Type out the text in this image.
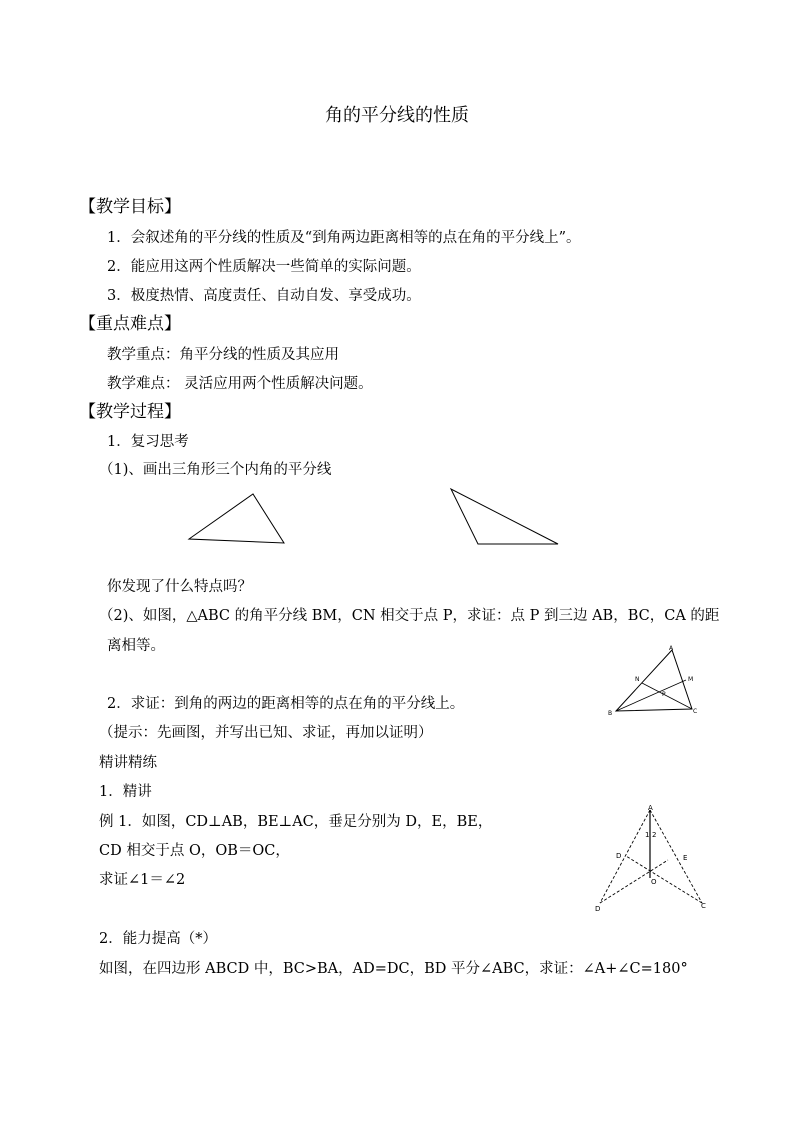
角的平分线的性质
【教学目标】
1．会叙述角的平分线的性质及“到角两边距离相等的点在角的平分线上”。
2．能应用这两个性质解决一些简单的实际问题。
3．极度热情、高度责任、自动自发、享受成功。
【重点难点】
教学重点：角平分线的性质及其应用
教学难点： 灵活应用两个性质解决问题。
【教学过程】
1．复习思考
（1)、画出三角形三个内角的平分线
你发现了什么特点吗？
（2)、如图，△ABC 的角平分线 BM，CN 相交于点 P，求证：点 P 到三边 AB，BC，CA 的距
离相等。	A
B	C
M
N
P
2．求证：到角的两边的距离相等的点在角的平分线上。
（提示：先画图，并写出已知、求证，再加以证明）
精讲精练
1．精讲
例 1．如图，CD⊥AB，BE⊥AC，垂足分别为 D，E，BE，
CD 相交于点 O，OB＝OC，
求证∠1＝∠2
A
1 2
D	E
O
D	C
2．能力提高（*）
如图，在四边形 ABCD 中，BC>BA，AD=DC，BD 平分∠ABC，求证：∠A+∠C=180°
